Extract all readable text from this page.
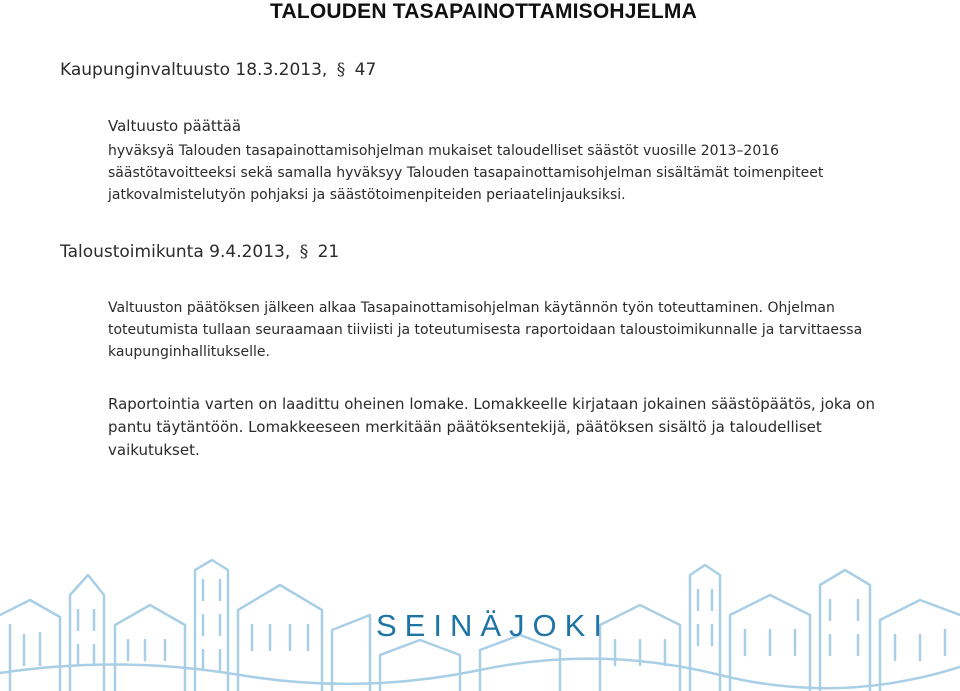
TALOUDEN TASAPAINOTTAMISOHJELMA
Kaupunginvaltuusto 18.3.2013, § 47
Valtuusto päättää
hyväksyä Talouden tasapainottamisohjelman mukaiset taloudelliset säästöt vuosille 2013–2016 säästötavoitteeksi sekä samalla hyväksyy Talouden tasapainottamisohjelman sisältämät toimenpiteet jatkovalmistelutyön pohjaksi ja säästötoimenpiteiden periaatelinjauksiksi.
Taloustoimikunta 9.4.2013, § 21
Valtuuston päätöksen jälkeen alkaa Tasapainottamisohjelman käytännön työn toteuttaminen. Ohjelman toteutumista tullaan seuraamaan tiiviisti ja toteutumisesta raportoidaan taloustoimikunnalle ja tarvittaessa kaupunginhallitukselle.
Raportointia varten on laadittu oheinen lomake. Lomakkeelle kirjataan jokainen säästöpäätös, joka on pantu täytäntöön. Lomakkeeseen merkitään päätöksentekijä, päätöksen sisältö ja taloudelliset vaikutukset.
SEINÄJOKI
